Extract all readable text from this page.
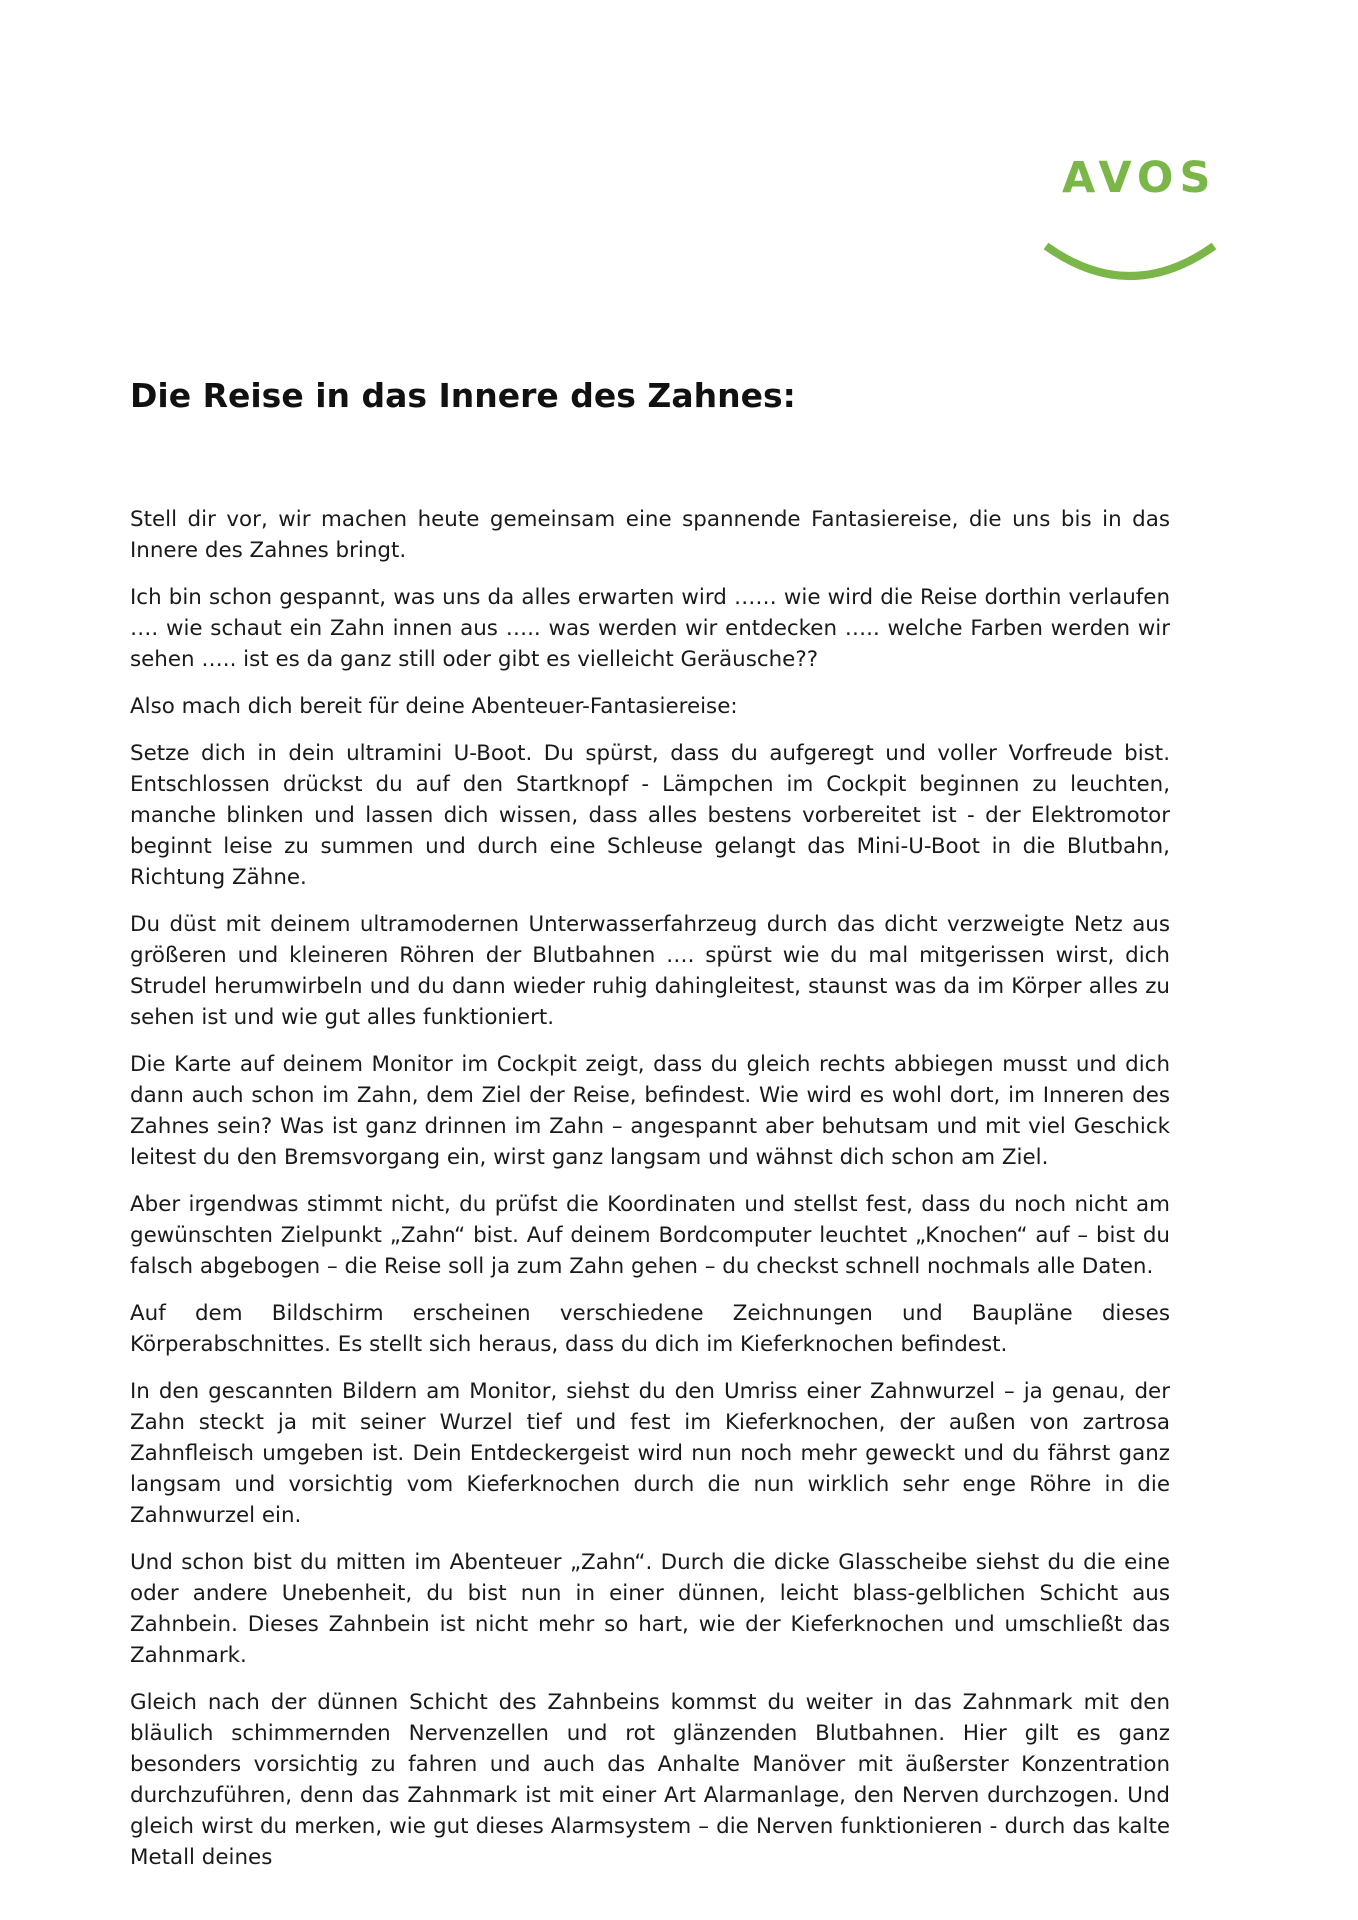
AVOS
Die Reise in das Innere des Zahnes:

Stell dir vor, wir machen heute gemeinsam eine spannende Fantasiereise, die uns bis in das Innere des Zahnes bringt.

Ich bin schon gespannt, was uns da alles erwarten wird …… wie wird die Reise dorthin verlaufen …. wie schaut ein Zahn innen aus ….. was werden wir entdecken ….. welche Farben werden wir sehen ….. ist es da ganz still oder gibt es vielleicht Geräusche??

Also mach dich bereit für deine Abenteuer-Fantasiereise:

Setze dich in dein ultramini U-Boot. Du spürst, dass du aufgeregt und voller Vorfreude bist. Entschlossen drückst du auf den Startknopf - Lämpchen im Cockpit beginnen zu leuchten, manche blinken und lassen dich wissen, dass alles bestens vorbereitet ist - der Elektromotor beginnt leise zu summen und durch eine Schleuse gelangt das Mini-U-Boot in die Blutbahn, Richtung Zähne.

Du düst mit deinem ultramodernen Unterwasserfahrzeug durch das dicht verzweigte Netz aus größeren und kleineren Röhren der Blutbahnen …. spürst wie du mal mitgerissen wirst, dich Strudel herumwirbeln und du dann wieder ruhig dahingleitest, staunst was da im Körper alles zu sehen ist und wie gut alles funktioniert.

Die Karte auf deinem Monitor im Cockpit zeigt, dass du gleich rechts abbiegen musst und dich dann auch schon im Zahn, dem Ziel der Reise, befindest. Wie wird es wohl dort, im Inneren des Zahnes sein? Was ist ganz drinnen im Zahn – angespannt aber behutsam und mit viel Geschick leitest du den Bremsvorgang ein, wirst ganz langsam und wähnst dich schon am Ziel.

Aber irgendwas stimmt nicht, du prüfst die Koordinaten und stellst fest, dass du noch nicht am gewünschten Zielpunkt „Zahn“ bist. Auf deinem Bordcomputer leuchtet „Knochen“ auf – bist du falsch abgebogen – die Reise soll ja zum Zahn gehen – du checkst schnell nochmals alle Daten.

Auf dem Bildschirm erscheinen verschiedene Zeichnungen und Baupläne dieses Körperabschnittes. Es stellt sich heraus, dass du dich im Kieferknochen befindest.

In den gescannten Bildern am Monitor, siehst du den Umriss einer Zahnwurzel – ja genau, der Zahn steckt ja mit seiner Wurzel tief und fest im Kieferknochen, der außen von zartrosa Zahnfleisch umgeben ist. Dein Entdeckergeist wird nun noch mehr geweckt und du fährst ganz langsam und vorsichtig vom Kieferknochen durch die nun wirklich sehr enge Röhre in die Zahnwurzel ein.

Und schon bist du mitten im Abenteuer „Zahn“. Durch die dicke Glasscheibe siehst du die eine oder andere Unebenheit, du bist nun in einer dünnen, leicht blass-gelblichen Schicht aus Zahnbein. Dieses Zahnbein ist nicht mehr so hart, wie der Kieferknochen und umschließt das Zahnmark.

Gleich nach der dünnen Schicht des Zahnbeins kommst du weiter in das Zahnmark mit den bläulich schimmernden Nervenzellen und rot glänzenden Blutbahnen. Hier gilt es ganz besonders vorsichtig zu fahren und auch das Anhalte Manöver mit äußerster Konzentration durchzuführen, denn das Zahnmark ist mit einer Art Alarmanlage, den Nerven durchzogen. Und gleich wirst du merken, wie gut dieses Alarmsystem – die Nerven funktionieren - durch das kalte Metall deines
